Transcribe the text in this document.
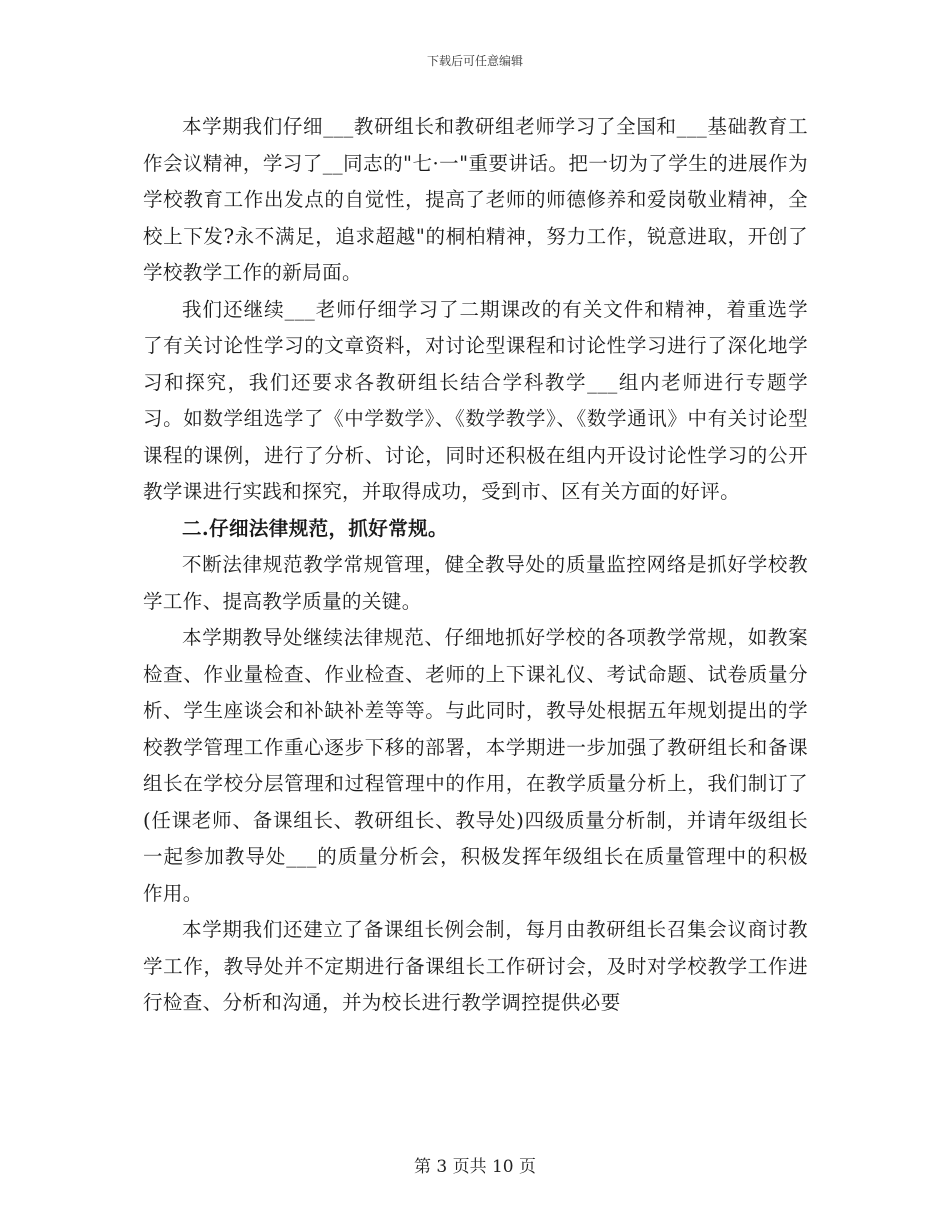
下载后可任意编辑

本学期我们仔细___教研组长和教研组老师学习了全国和___基础教育工作会议精神，学习了__同志的"七·一"重要讲话。把一切为了学生的进展作为学校教育工作出发点的自觉性，提高了老师的师德修养和爱岗敬业精神，全校上下发?永不满足，追求超越"的桐柏精神，努力工作，锐意进取，开创了学校教学工作的新局面。

我们还继续___老师仔细学习了二期课改的有关文件和精神，着重选学了有关讨论性学习的文章资料，对讨论型课程和讨论性学习进行了深化地学习和探究，我们还要求各教研组长结合学科教学___组内老师进行专题学习。如数学组选学了《中学数学》、《数学教学》、《数学通讯》中有关讨论型课程的课例，进行了分析、讨论，同时还积极在组内开设讨论性学习的公开教学课进行实践和探究，并取得成功，受到市、区有关方面的好评。

二.仔细法律规范，抓好常规。

不断法律规范教学常规管理，健全教导处的质量监控网络是抓好学校教学工作、提高教学质量的关键。

本学期教导处继续法律规范、仔细地抓好学校的各项教学常规，如教案检查、作业量检查、作业检查、老师的上下课礼仪、考试命题、试卷质量分析、学生座谈会和补缺补差等等。与此同时，教导处根据五年规划提出的学校教学管理工作重心逐步下移的部署，本学期进一步加强了教研组长和备课组长在学校分层管理和过程管理中的作用，在教学质量分析上，我们制订了(任课老师、备课组长、教研组长、教导处)四级质量分析制，并请年级组长一起参加教导处___的质量分析会，积极发挥年级组长在质量管理中的积极作用。

本学期我们还建立了备课组长例会制，每月由教研组长召集会议商讨教学工作，教导处并不定期进行备课组长工作研讨会，及时对学校教学工作进行检查、分析和沟通，并为校长进行教学调控提供必要

第 3 页共 10 页
